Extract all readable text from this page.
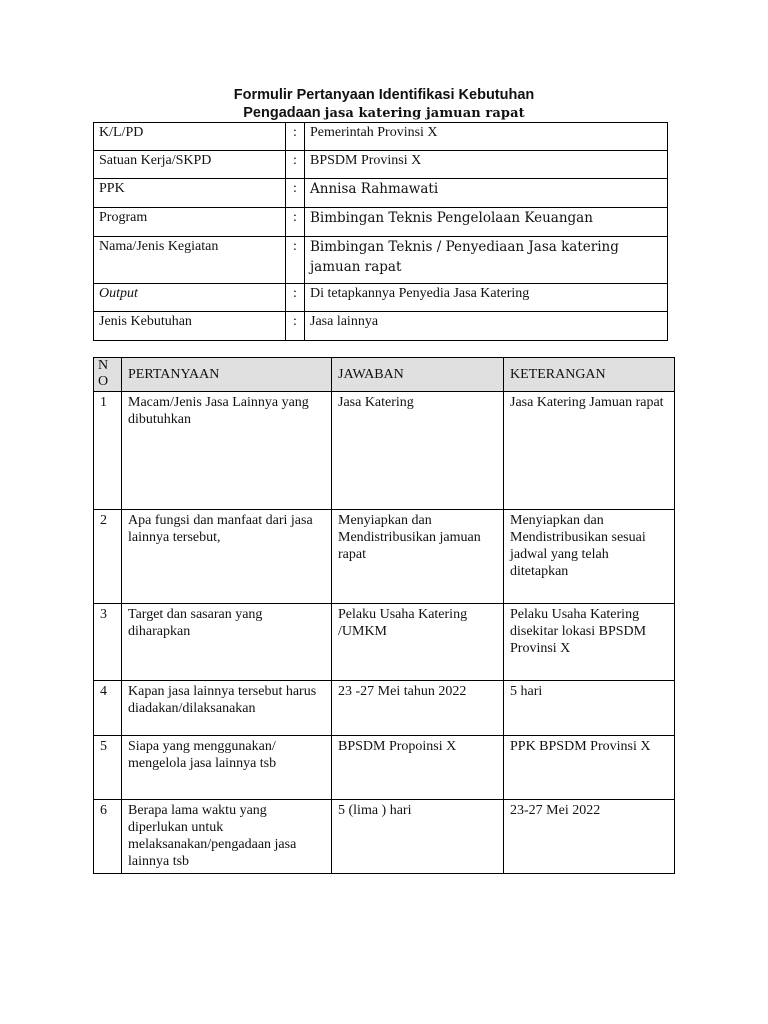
Formulir Pertanyaan Identifikasi Kebutuhan
Pengadaan jasa katering jamuan rapat
K/L/PD	:	Pemerintah Provinsi X
Satuan Kerja/SKPD	:	BPSDM Provinsi X
PPK	:	Annisa Rahmawati
Program	:	Bimbingan Teknis Pengelolaan Keuangan
Nama/Jenis Kegiatan	:	Bimbingan Teknis / Penyediaan Jasa katering jamuan rapat
Output	:	Di tetapkannya Penyedia Jasa Katering
Jenis Kebutuhan	:	Jasa lainnya
N O	PERTANYAAN	JAWABAN	KETERANGAN
1	Macam/Jenis Jasa Lainnya yang dibutuhkan	Jasa Katering	Jasa Katering Jamuan rapat
2	Apa fungsi dan manfaat dari jasa lainnya tersebut,	Menyiapkan dan Mendistribusikan jamuan rapat	Menyiapkan dan Mendistribusikan sesuai jadwal yang telah ditetapkan
3	Target dan sasaran yang diharapkan	Pelaku Usaha Katering /UMKM	Pelaku Usaha Katering disekitar lokasi BPSDM Provinsi X
4	Kapan jasa lainnya tersebut harus diadakan/dilaksanakan	23 -27 Mei tahun 2022	5 hari
5	Siapa yang menggunakan/ mengelola jasa lainnya tsb	BPSDM Propoinsi X	PPK BPSDM Provinsi X
6	Berapa lama waktu yang diperlukan untuk melaksanakan/pengadaan jasa lainnya tsb	5 (lima ) hari	23-27 Mei 2022
